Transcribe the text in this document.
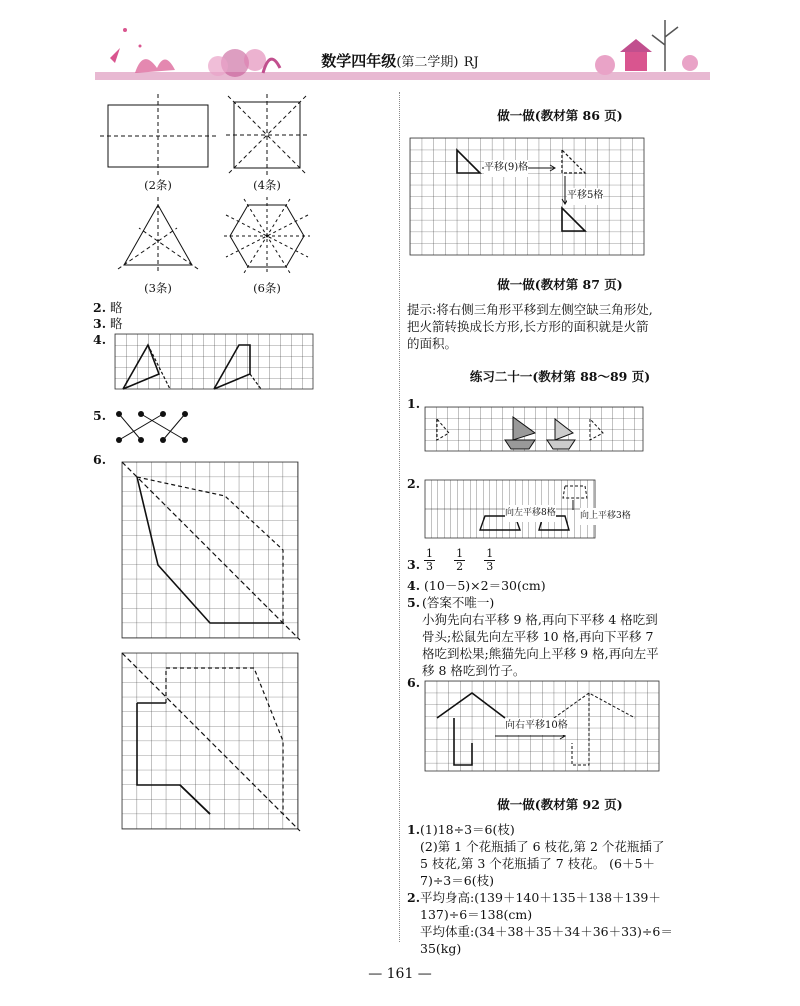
数学四年级(第二学期) RJ
(2条)	(4条)
(3条)	(6条)
2. 略
3. 略
4.
5.
6.
做一做(教材第 86 页)
平移(9)格
平移5格
做一做(教材第 87 页)
提示:将右侧三角形平移到左侧空缺三角形处,
把火箭转换成长方形,长方形的面积就是火箭
的面积。
练习二十一(教材第 88～89 页)
1.
2.
向左平移8格	向上平移3格
3. $\frac{1}{3}$
$\frac{1}{2}$
$\frac{1}{3}$
4. (10－5)×2＝30(cm)
5. (答案不唯一)
小狗先向右平移 9 格,再向下平移 4 格吃到
骨头;松鼠先向左平移 10 格,再向下平移 7
格吃到松果;熊猫先向上平移 9 格,再向左平
移 8 格吃到竹子。
6.
向右平移10格
做一做(教材第 92 页)
1. (1)18÷3＝6(枝)
(2)第 1 个花瓶插了 6 枝花,第 2 个花瓶插了
5 枝花,第 3 个花瓶插了 7 枝花。 (6＋5＋
7)÷3＝6(枝)
2. 平均身高:(139＋140＋135＋138＋139＋
137)÷6＝138(cm)
平均体重:(34＋38＋35＋34＋36＋33)÷6＝
35(kg)
— 161 —
